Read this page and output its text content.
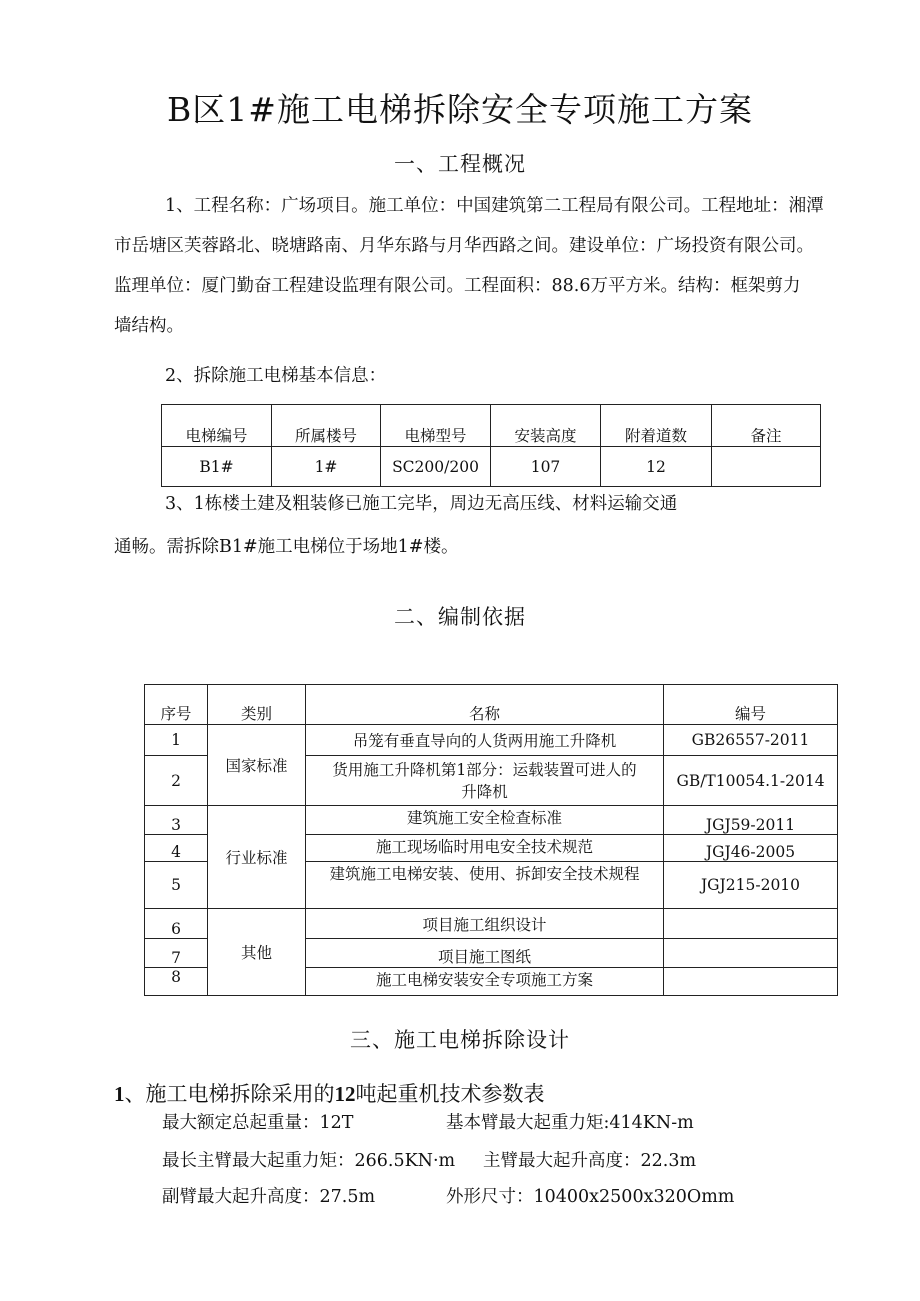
B区1#施工电梯拆除安全专项施工方案
一、工程概况
1、工程名称：广场项目。施工单位：中国建筑第二工程局有限公司。工程地址：湘潭
市岳塘区芙蓉路北、晓塘路南、月华东路与月华西路之间。建设单位：广场投资有限公司。
监理单位：厦门勤奋工程建设监理有限公司。工程面积：88.6万平方米。结构：框架剪力
墙结构。
2、拆除施工电梯基本信息：
电梯编号	所属楼号	电梯型号	安装高度	附着道数	备注
B1#	1#	SC200/200	107	12	
3、1栋楼土建及粗装修已施工完毕，周边无高压线、材料运输交通
通畅。需拆除B1#施工电梯位于场地1#楼。
二、编制依据
序号	类别	名称	编号
1	国家标准	吊笼有垂直导向的人货两用施工升降机	GB26557-2011
2		货用施工升降机第1部分：运载装置可进人的
升降机	GB/T10054.1-2014
3	行业标准	建筑施工安全检查标准	JGJ59-2011
4		施工现场临时用电安全技术规范	JGJ46-2005
5		建筑施工电梯安装、使用、拆卸安全技术规程	JGJ215-2010
6	其他	项目施工组织设计	
7		项目施工图纸	
8		施工电梯安装安全专项施工方案	
三、施工电梯拆除设计
1、施工电梯拆除采用的12吨起重机技术参数表
最大额定总起重量：12T	基本臂最大起重力矩:414KN-m
最长主臂最大起重力矩：266.5KN·m 主臂最大起升高度：22.3m
副臂最大起升高度：27.5m	外形尺寸：10400x2500x320Omm
